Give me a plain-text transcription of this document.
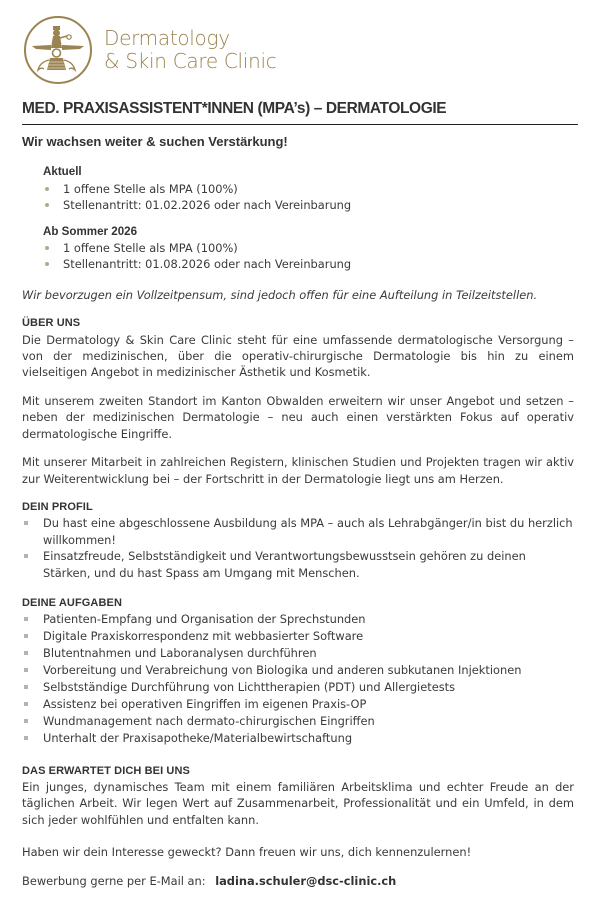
Dermatology
& Skin Care Clinic
MED. PRAXISASSISTENT*INNEN (MPA’s) – DERMATOLOGIE
Wir wachsen weiter & suchen Verstärkung!
Aktuell
1 offene Stelle als MPA (100%)
Stellenantritt: 01.02.2026 oder nach Vereinbarung
Ab Sommer 2026
1 offene Stelle als MPA (100%)
Stellenantritt: 01.08.2026 oder nach Vereinbarung
Wir bevorzugen ein Vollzeitpensum, sind jedoch offen für eine Aufteilung in Teilzeitstellen.
ÜBER UNS

Die Dermatology & Skin Care Clinic steht für eine umfassende dermatologische Versorgung – von der medizinischen, über die operativ-chirurgische Dermatologie bis hin zu einem vielseitigen Angebot in medizinischer Ästhetik und Kosmetik.

Mit unserem zweiten Standort im Kanton Obwalden erweitern wir unser Angebot und setzen – neben der medizinischen Dermatologie – neu auch einen verstärkten Fokus auf operativ dermatologische Eingriffe.

Mit unserer Mitarbeit in zahlreichen Registern, klinischen Studien und Projekten tragen wir aktiv zur Weiterentwicklung bei – der Fortschritt in der Dermatologie liegt uns am Herzen.

DEIN PROFIL
Du hast eine abgeschlossene Ausbildung als MPA – auch als Lehrabgänger/in bist du herzlich willkommen!
Einsatzfreude, Selbstständigkeit und Verantwortungsbewusstsein gehören zu deinen Stärken, und du hast Spass am Umgang mit Menschen.
DEINE AUFGABEN
Patienten-Empfang und Organisation der Sprechstunden
Digitale Praxiskorrespondenz mit webbasierter Software
Blutentnahmen und Laboranalysen durchführen
Vorbereitung und Verabreichung von Biologika und anderen subkutanen Injektionen
Selbstständige Durchführung von Lichttherapien (PDT) und Allergietests
Assistenz bei operativen Eingriffen im eigenen Praxis-OP
Wundmanagement nach dermato-chirurgischen Eingriffen
Unterhalt der Praxisapotheke/Materialbewirtschaftung
DAS ERWARTET DICH BEI UNS

Ein junges, dynamisches Team mit einem familiären Arbeitsklima und echter Freude an der täglichen Arbeit. Wir legen Wert auf Zusammenarbeit, Professionalität und ein Umfeld, in dem sich jeder wohlfühlen und entfalten kann.

Haben wir dein Interesse geweckt? Dann freuen wir uns, dich kennenzulernen!

Bewerbung gerne per E-Mail an: ladina.schuler@dsc-clinic.ch
